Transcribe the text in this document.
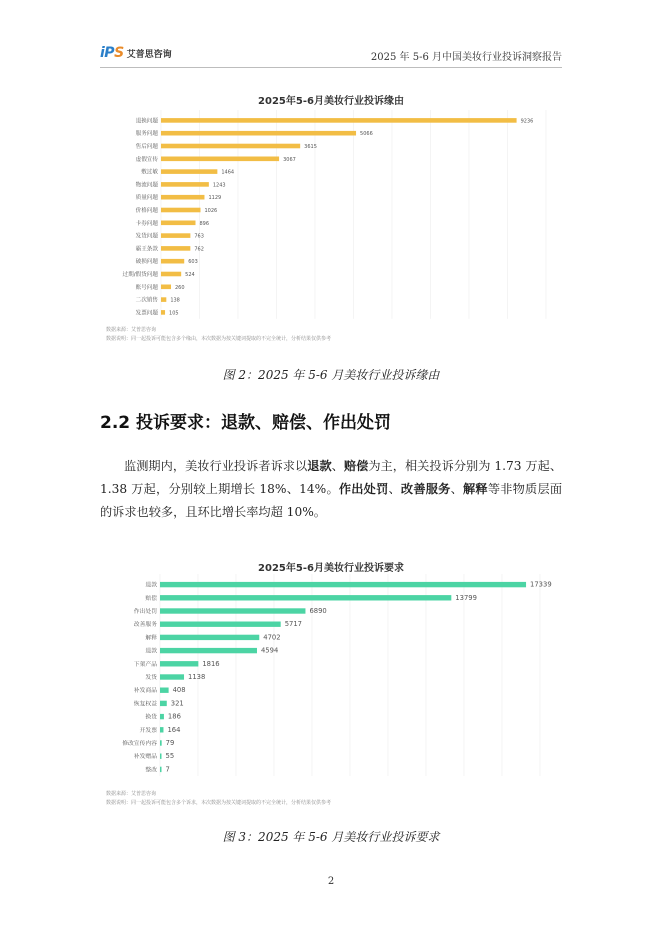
iPS 艾普思咨询	2025 年 5-6 月中国美妆行业投诉洞察报告
2025年5-6月美妆行业投诉缘由
退换问题	9236
服务问题	5066
售后问题	3615
虚假宣传	3067
敷过敏	1464
物流问题	1243
质量问题	1129
价格问题	1026
卡券问题	896
发货问题	763
霸王条款	762
破损问题	603
过期/假货问题	524
账号问题	260
二次销售 138
发票问题 105
数据来源：艾普思咨询
数据说明：同一起投诉可能包含多个缘由，本次数据为按关键词提取的不完全统计，分析结果仅供参考
图 2：2025 年 5-6 月美妆行业投诉缘由
2.2 投诉要求：退款、赔偿、作出处罚
监测期内，美妆行业投诉者诉求以退款、赔偿为主，相关投诉分别为 1.73 万起、1.38 万起，分别较上期增长 18%、14%。作出处罚、改善服务、解释等非物质层面的诉求也较多，且环比增长率均超 10%。
2025年5-6月美妆行业投诉要求
退款	17339
赔偿	13799
作出处罚	6890
改善服务	5717
解释	4702
退款	4594
下架产品	1816
发货	1138
补发商品 408
恢复权益 321
换货 186
开发票 164
修改宣传内容 79
补发赠品 55
整改 7
数据来源：艾普思咨询
数据说明：同一起投诉可能包含多个诉求，本次数据为按关键词提取的不完全统计，分析结果仅供参考
图 3：2025 年 5-6 月美妆行业投诉要求
2
